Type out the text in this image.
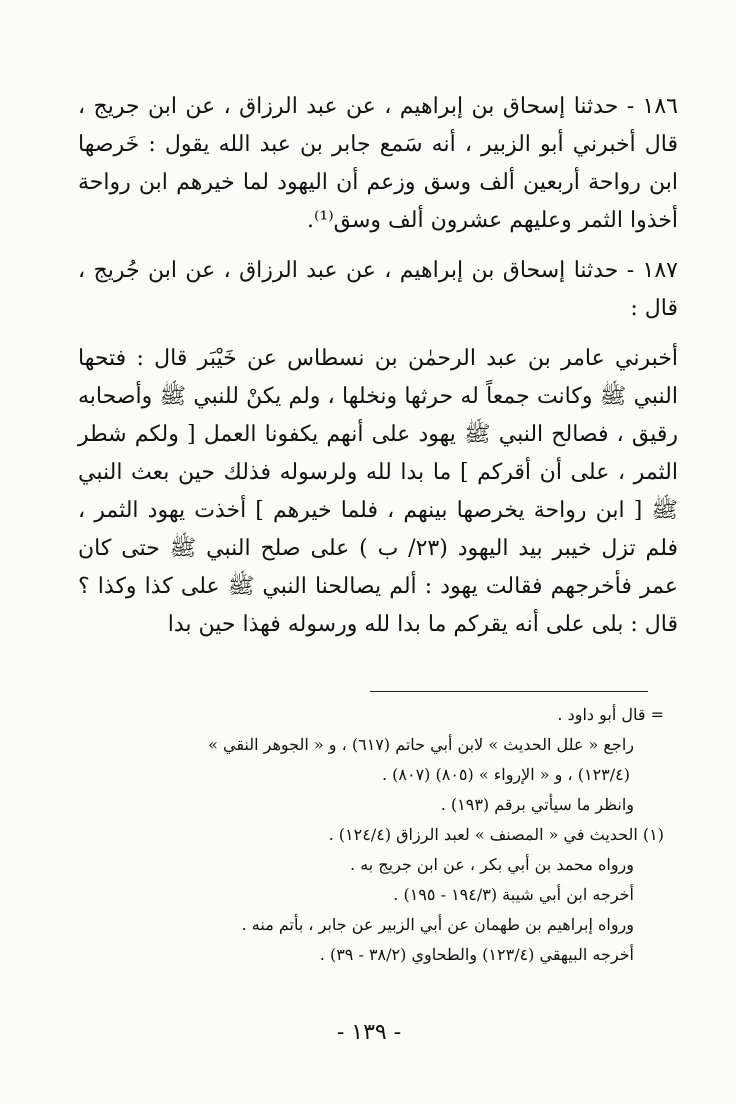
١٨٦ - حدثنا إسحاق بن إبراهيم ، عن عبد الرزاق ، عن ابن جريج ، قال أخبرني أبو الزبير ، أنه سَمع جابر بن عبد الله يقول : خَرصها ابن رواحة أربعين ألف وسق وزعم أن اليهود لما خيرهم ابن رواحة أخذوا الثمر وعليهم عشرون ألف وسق⁽¹⁾.

١٨٧ - حدثنا إسحاق بن إبراهيم ، عن عبد الرزاق ، عن ابن جُريج ، قال :

أخبرني عامر بن عبد الرحمٰن بن نسطاس عن خَيْبَر قال : فتحها النبي ﷺ وكانت جمعاً له حرثها ونخلها ، ولم يكنْ للنبي ﷺ وأصحابه رقيق ، فصالح النبي ﷺ يهود على أنهم يكفونا العمل [ ولكم شطر الثمر ، على أن أقركم ] ما بدا لله ولرسوله فذلك حين بعث النبي ﷺ [ ابن رواحة يخرصها بينهم ، فلما خيرهم ] أخذت يهود الثمر ، فلم تزل خيبر بيد اليهود (٢٣/ ب ) على صلح النبي ﷺ حتى كان عمر فأخرجهم فقالت يهود : ألم يصالحنا النبي ﷺ على كذا وكذا ؟ قال : بلى على أنه يقركم ما بدا لله ورسوله فهذا حين بدا

= قال أبو داود .
راجع « علل الحديث » لابن أبي حاتم (٦١٧) ، و « الجوهر النقي »
(١٢٣/٤) ، و « الإرواء » (٨٠٥) (٨٠٧) .
وانظر ما سيأتي برقم (١٩٣) .
(١) الحديث في « المصنف » لعبد الرزاق (١٢٤/٤) .
ورواه محمد بن أبي بكر ، عن ابن جريج به .
أخرجه ابن أبي شيبة (١٩٤/٣ - ١٩٥) .
ورواه إبراهيم بن طهمان عن أبي الزبير عن جابر ، بأتم منه .
أخرجه البيهقي (١٢٣/٤) والطحاوي (٣٨/٢ - ٣٩) .
- ١٣٩ -
